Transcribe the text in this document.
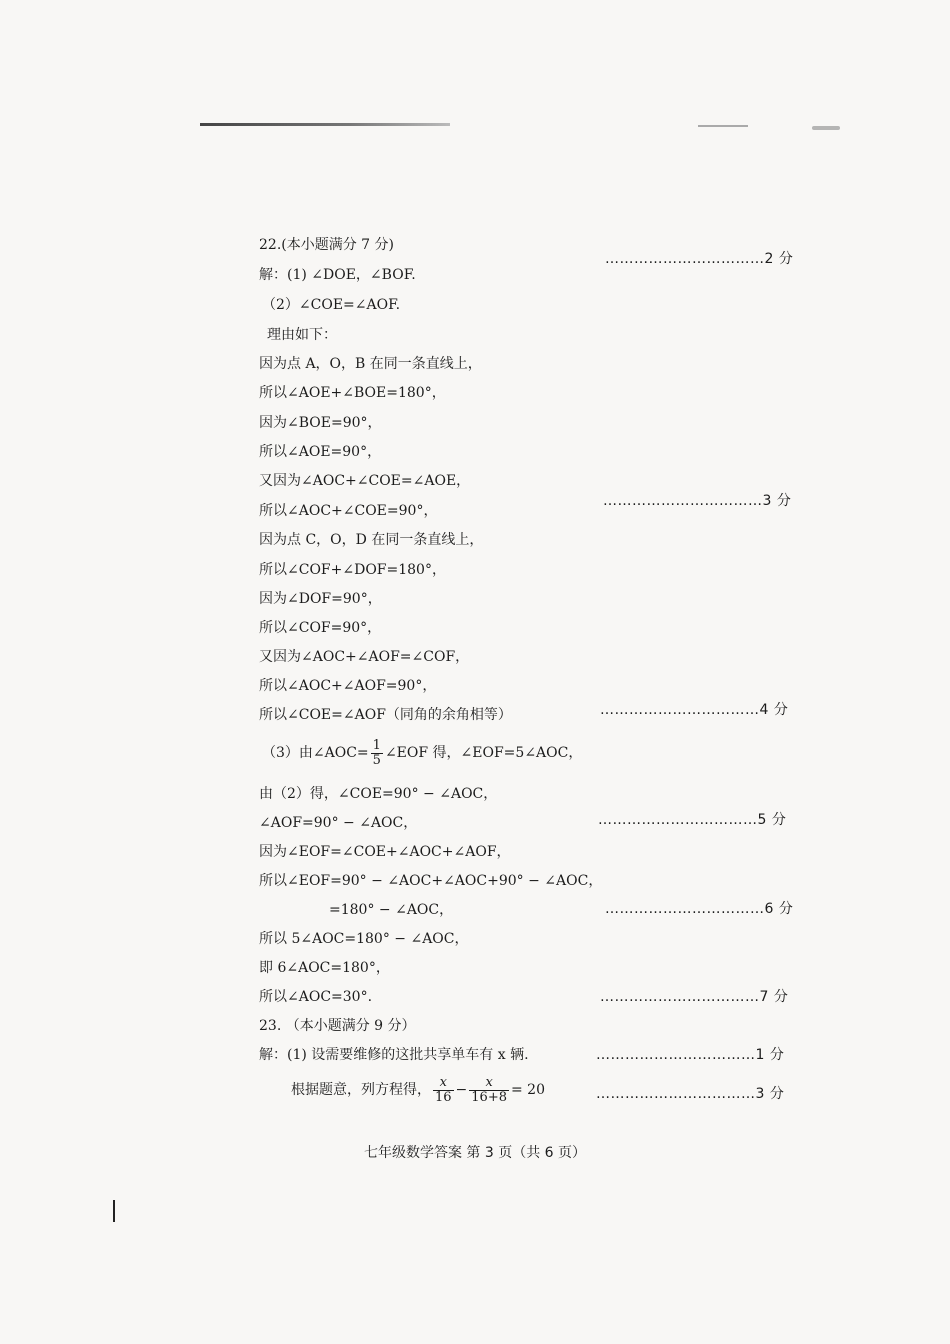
22.(本小题满分 7 分)
解：(1) ∠DOE，∠BOF.
（2）∠COE=∠AOF.
理由如下：
因为点 A，O，B 在同一条直线上，
所以∠AOE+∠BOE=180°，
因为∠BOE=90°，
所以∠AOE=90°，
又因为∠AOC+∠COE=∠AOE，
所以∠AOC+∠COE=90°，
因为点 C，O，D 在同一条直线上，
所以∠COF+∠DOF=180°，
因为∠DOF=90°，
所以∠COF=90°，
又因为∠AOC+∠AOF=∠COF，
所以∠AOC+∠AOF=90°，
所以∠COE=∠AOF（同角的余角相等）
（3）由∠AOC= $\frac{1}{5}$ ∠EOF 得，∠EOF=5∠AOC，
由（2）得，∠COE=90° − ∠AOC，
∠AOF=90° − ∠AOC，
因为∠EOF=∠COE+∠AOC+∠AOF，
所以∠EOF=90° − ∠AOC+∠AOC+90° − ∠AOC，
=180° − ∠AOC，
所以 5∠AOC=180° − ∠AOC，
即 6∠AOC=180°，
所以∠AOC=30°.
23. （本小题满分 9 分）
解：(1) 设需要维修的这批共享单车有 x 辆.
根据题意，列方程得， $\frac{x}{16} - \frac{x}{16+8} = 20$
……………………………2 分
……………………………3 分
……………………………4 分
……………………………5 分
……………………………6 分
……………………………7 分
……………………………1 分
……………………………3 分
七年级数学答案 第 3 页（共 6 页）
